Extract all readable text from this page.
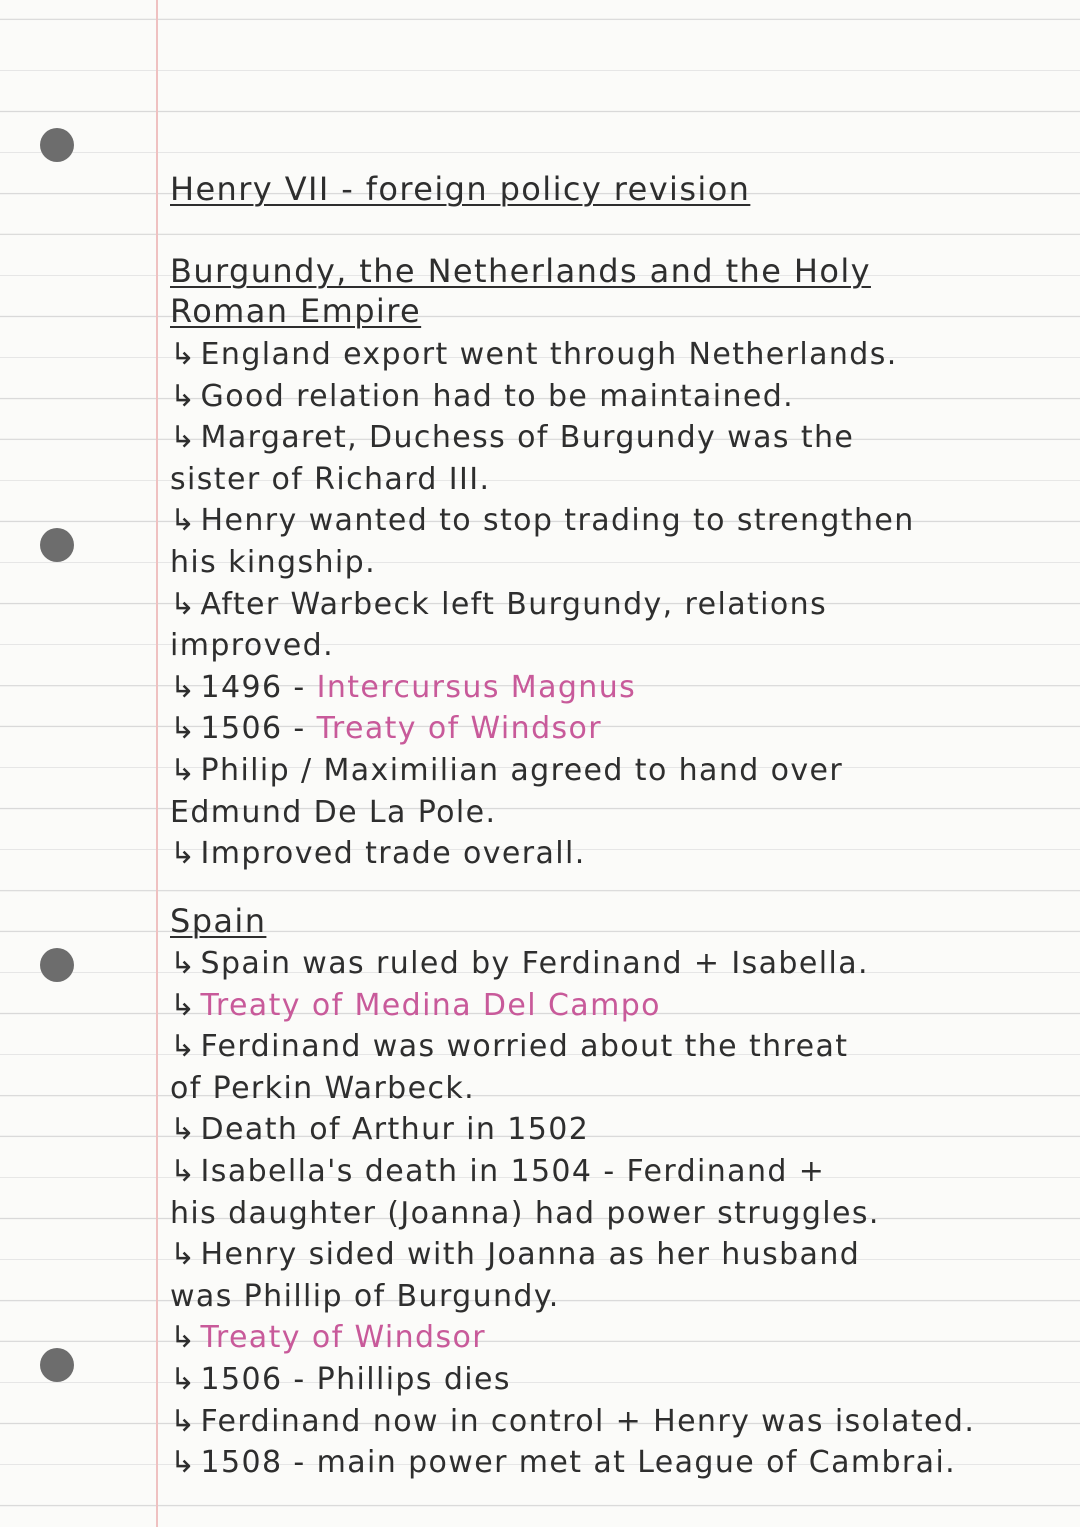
Henry VII - foreign policy revision
Burgundy, the Netherlands and the Holy
Roman Empire
Spain
↳ England export went through Netherlands.
↳ Good relation had to be maintained.
↳ Margaret, Duchess of Burgundy was the
sister of Richard III.
↳ Henry wanted to stop trading to strengthen
his kingship.
↳ After Warbeck left Burgundy, relations
improved.
↳ 1496 - Intercursus Magnus
↳ 1506 - Treaty of Windsor
↳ Philip / Maximilian agreed to hand over
Edmund De La Pole.
↳ Improved trade overall.
↳ Spain was ruled by Ferdinand + Isabella.
↳ Treaty of Medina Del Campo
↳ Ferdinand was worried about the threat
of Perkin Warbeck.
↳ Death of Arthur in 1502
↳ Isabella's death in 1504 - Ferdinand +
his daughter (Joanna) had power struggles.
↳ Henry sided with Joanna as her husband
was Phillip of Burgundy.
↳ Treaty of Windsor
↳ 1506 - Phillips dies
↳ Ferdinand now in control + Henry was isolated.
↳ 1508 - main power met at League of Cambrai.
